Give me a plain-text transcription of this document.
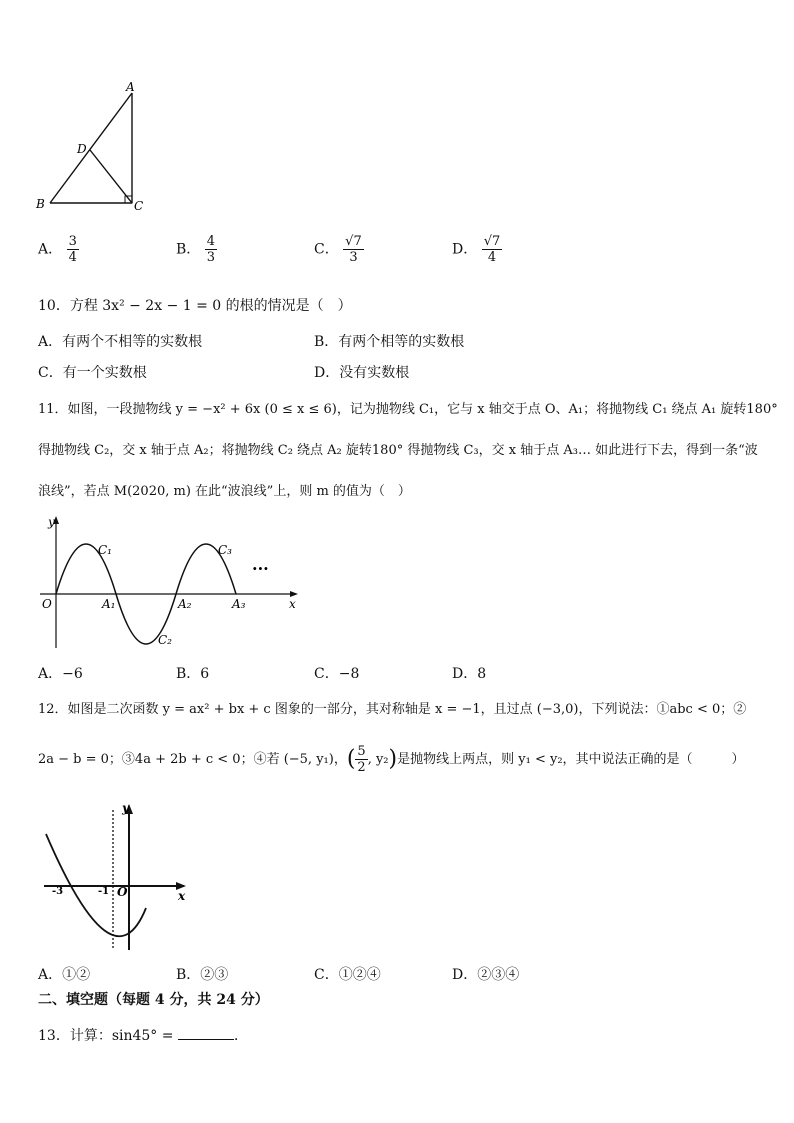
A
B	C
D
A． $\frac{3}{4}$	B． $\frac{4}{3}$	C． $\frac{√7}{3}$	D． $\frac{√7}{4}$
10．方程 3x² − 2x − 1 = 0 的根的情况是（　）
A．有两个不相等的实数根	B．有两个相等的实数根
C．有一个实数根	D．没有实数根
11．如图，一段抛物线 y = −x² + 6x (0 ≤ x ≤ 6)，记为抛物线 C₁，它与 x 轴交于点 O、A₁；将抛物线 C₁ 绕点 A₁ 旋转180°
得抛物线 C₂，交 x 轴于点 A₂；将抛物线 C₂ 绕点 A₂ 旋转180° 得抛物线 C₃，交 x 轴于点 A₃… 如此进行下去，得到一条“波
浪线”，若点 M(2020, m) 在此“波浪线”上，则 m 的值为（　）
y
x
O
C₁
C₂
C₃
A₁	A₂	A₃
···
A．−6	B．6	C．−8	D．8
12．如图是二次函数 y = ax² + bx + c 图象的一部分，其对称轴是 x = −1，且过点 (−3,0)，下列说法：①abc < 0；②
2a − b = 0；③4a + 2b + c < 0；④若 (−5, y₁)，( $\frac{5}{2}$ , y₂)是抛物线上两点，则 y₁ < y₂，其中说法正确的是（　　　）
y
x
-3	-1 O
A．①②	B．②③	C．①②④	D．②③④
二、填空题（每题 4 分，共 24 分）
13．计算：sin45° =	．
